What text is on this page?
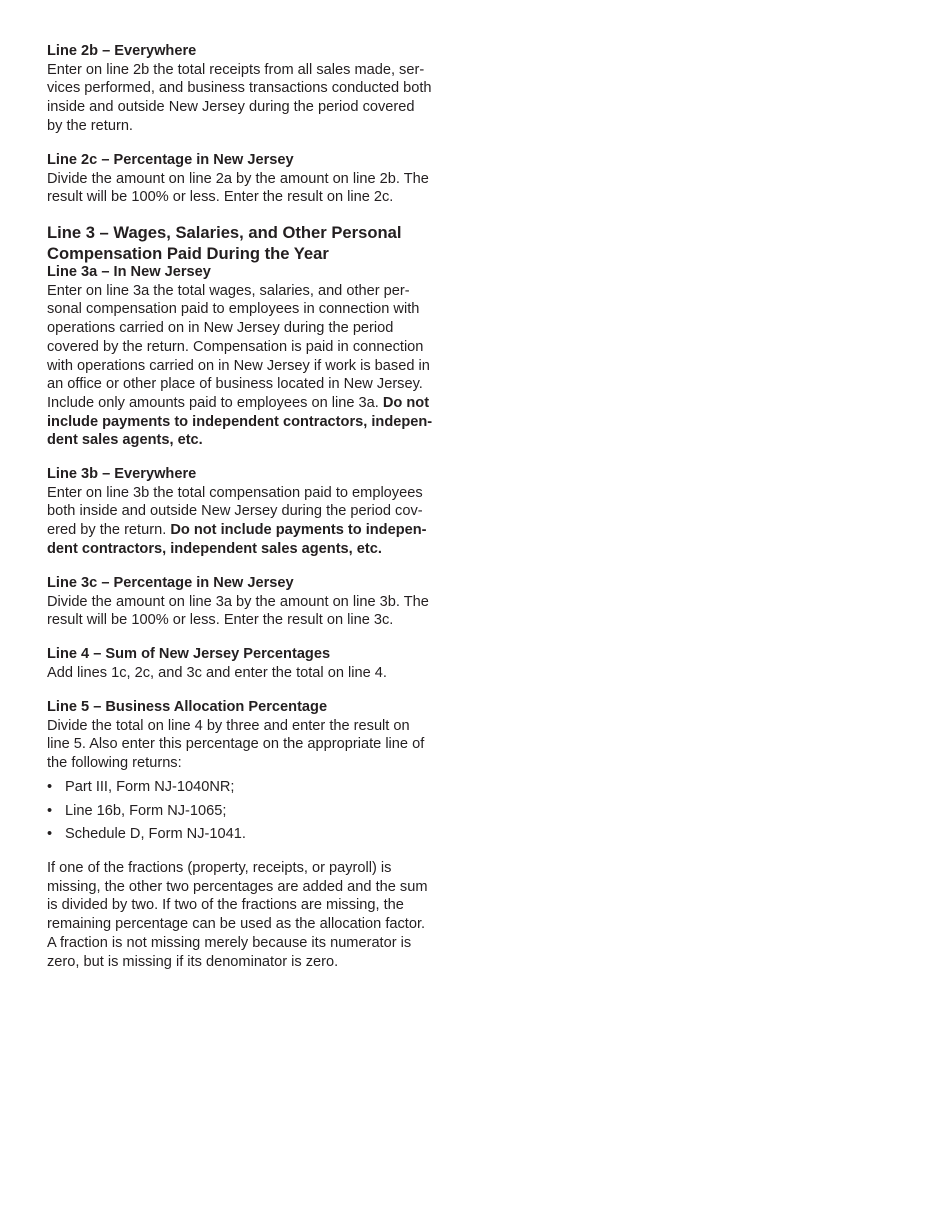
Line 2b – Everywhere
Enter on line 2b the total receipts from all sales made, ser-
vices performed, and business transactions conducted both
inside and outside New Jersey during the period covered
by the return.
Line 2c – Percentage in New Jersey
Divide the amount on line 2a by the amount on line 2b. The
result will be 100% or less. Enter the result on line 2c.
Line 3 – Wages, Salaries, and Other Personal
Compensation Paid During the Year
Line 3a – In New Jersey
Enter on line 3a the total wages, salaries, and other per-
sonal compensation paid to employees in connection with
operations carried on in New Jersey during the period
covered by the return. Compensation is paid in connection
with operations carried on in New Jersey if work is based in
an office or other place of business located in New Jersey.
Include only amounts paid to employees on line 3a. Do not
include payments to independent contractors, indepen-
dent sales agents, etc.
Line 3b – Everywhere
Enter on line 3b the total compensation paid to employees
both inside and outside New Jersey during the period cov-
ered by the return. Do not include payments to indepen-
dent contractors, independent sales agents, etc.
Line 3c – Percentage in New Jersey
Divide the amount on line 3a by the amount on line 3b. The
result will be 100% or less. Enter the result on line 3c.
Line 4 – Sum of New Jersey Percentages
Add lines 1c, 2c, and 3c and enter the total on line 4.
Line 5 – Business Allocation Percentage
Divide the total on line 4 by three and enter the result on
line 5. Also enter this percentage on the appropriate line of
the following returns:
• Part III, Form NJ-1040NR;
• Line 16b, Form NJ-1065;
• Schedule D, Form NJ-1041.
If one of the fractions (property, receipts, or payroll) is
missing, the other two percentages are added and the sum
is divided by two. If two of the fractions are missing, the
remaining percentage can be used as the allocation factor.
A fraction is not missing merely because its numerator is
zero, but is missing if its denominator is zero.
